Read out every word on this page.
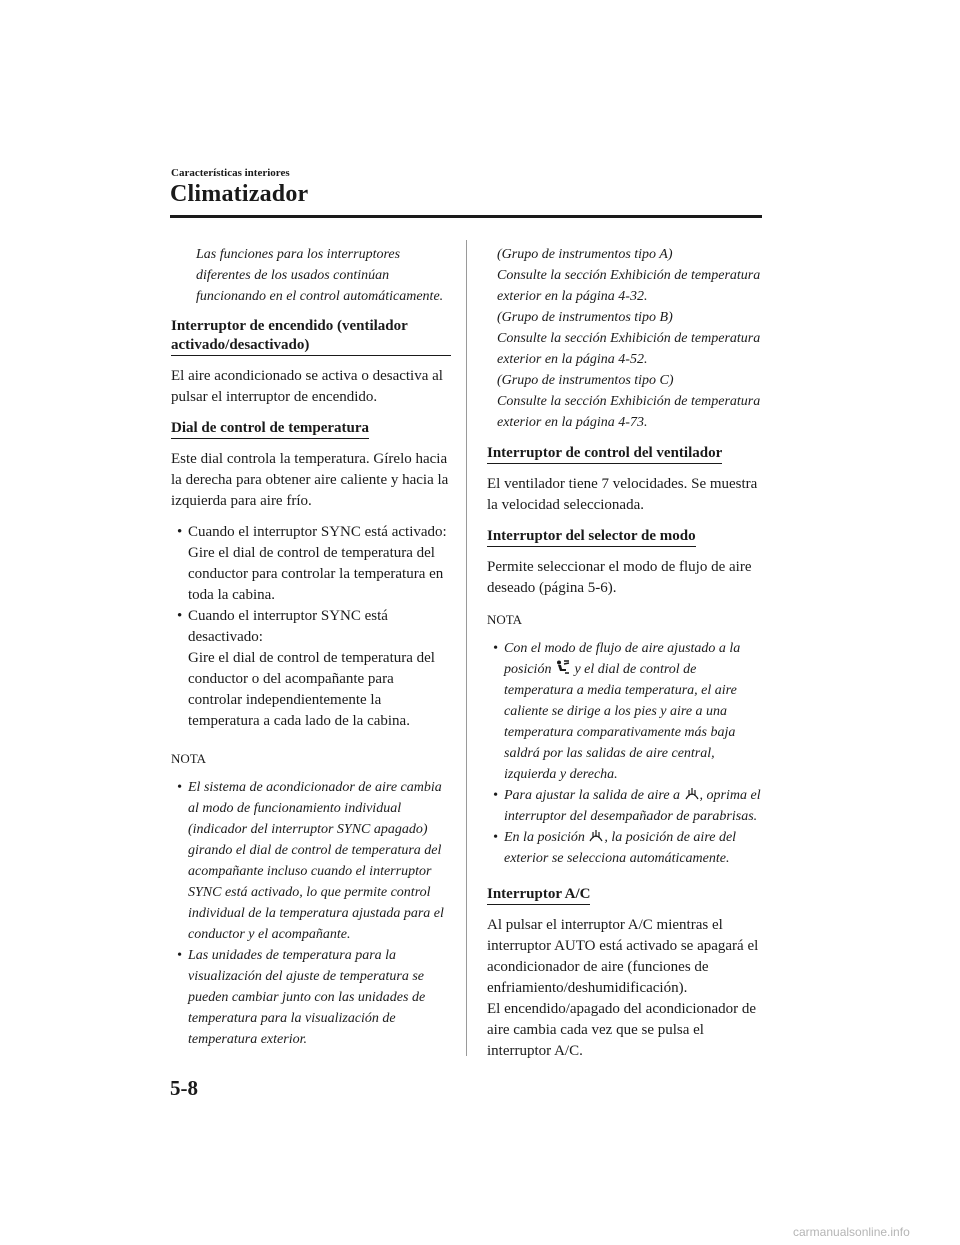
Características interiores
Climatizador

Las funciones para los interruptores diferentes de los usados continúan funcionando en el control automáticamente.

Interruptor de encendido (ventilador activado/desactivado)

El aire acondicionado se activa o desactiva al pulsar el interruptor de encendido.

Dial de control de temperatura

Este dial controla la temperatura. Gírelo hacia la derecha para obtener aire caliente y hacia la izquierda para aire frío.

• Cuando el interruptor SYNC está activado:
Gire el dial de control de temperatura del conductor para controlar la temperatura en toda la cabina.
• Cuando el interruptor SYNC está desactivado:
Gire el dial de control de temperatura del conductor o del acompañante para controlar independientemente la temperatura a cada lado de la cabina.

NOTA

• El sistema de acondicionador de aire cambia al modo de funcionamiento individual (indicador del interruptor SYNC apagado) girando el dial de control de temperatura del acompañante incluso cuando el interruptor SYNC está activado, lo que permite control individual de la temperatura ajustada para el conductor y el acompañante.
• Las unidades de temperatura para la visualización del ajuste de temperatura se pueden cambiar junto con las unidades de temperatura para la visualización de temperatura exterior.

(Grupo de instrumentos tipo A)
Consulte la sección Exhibición de temperatura exterior en la página 4-32.
(Grupo de instrumentos tipo B)
Consulte la sección Exhibición de temperatura exterior en la página 4-52.
(Grupo de instrumentos tipo C)
Consulte la sección Exhibición de temperatura exterior en la página 4-73.

Interruptor de control del ventilador

El ventilador tiene 7 velocidades. Se muestra la velocidad seleccionada.

Interruptor del selector de modo

Permite seleccionar el modo de flujo de aire deseado (página 5-6).

NOTA

• Con el modo de flujo de aire ajustado a la posición y el dial de control de temperatura a media temperatura, el aire caliente se dirige a los pies y aire a una temperatura comparativamente más baja saldrá por las salidas de aire central, izquierda y derecha.
• Para ajustar la salida de aire a , oprima el interruptor del desempañador de parabrisas.
• En la posición , la posición de aire del exterior se selecciona automáticamente.
Interruptor A/C

Al pulsar el interruptor A/C mientras el interruptor AUTO está activado se apagará el acondicionador de aire (funciones de enfriamiento/deshumidificación).
El encendido/apagado del acondicionador de aire cambia cada vez que se pulsa el interruptor A/C.

5-8
carmanualsonline.info
